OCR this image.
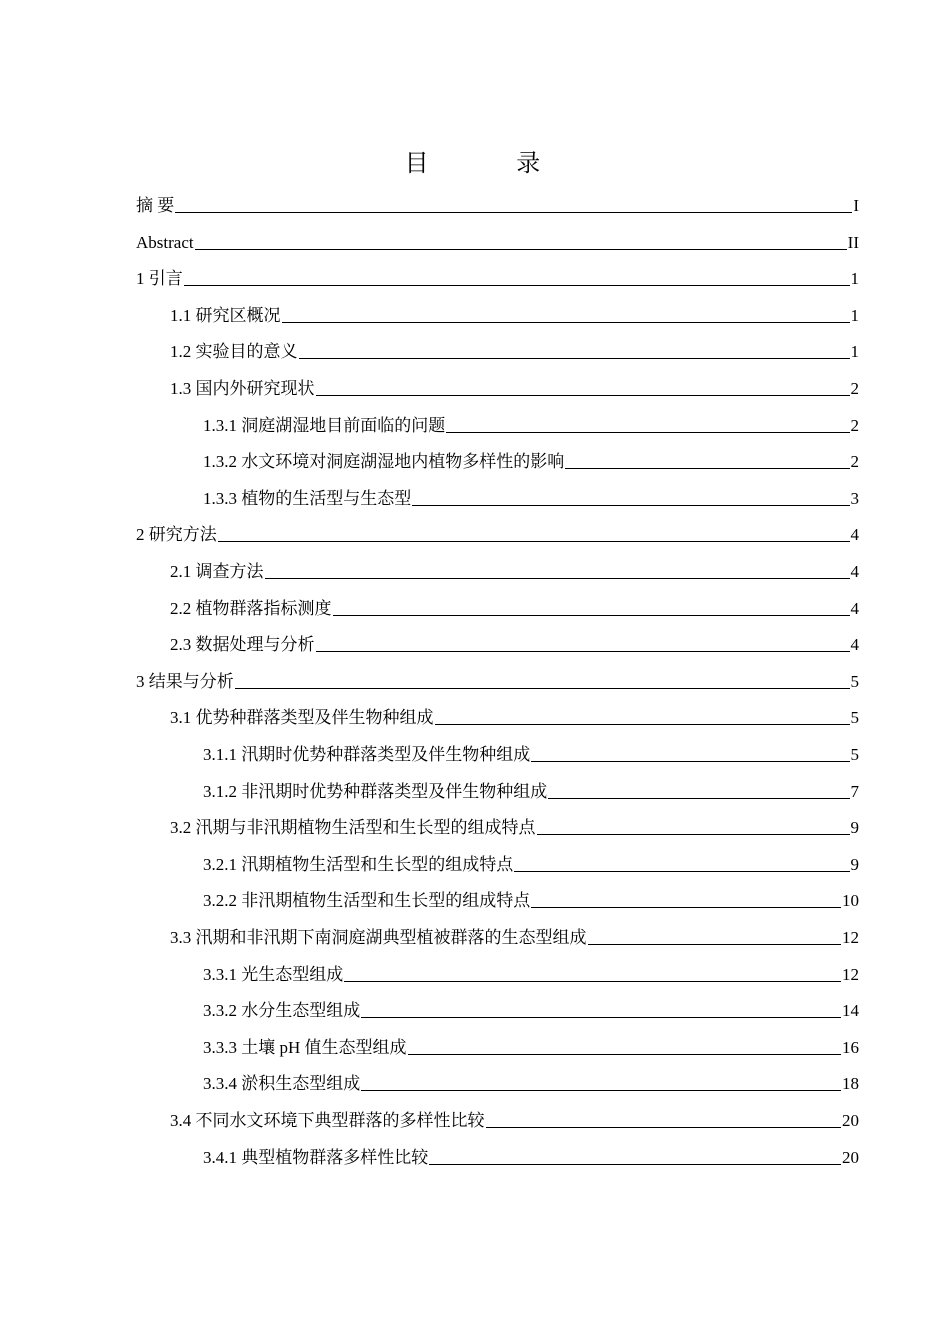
目 录
摘 要	I
Abstract	II
1 引言	1
1.1 研究区概况	1
1.2 实验目的意义	1
1.3 国内外研究现状	2
1.3.1 洞庭湖湿地目前面临的问题	2
1.3.2 水文环境对洞庭湖湿地内植物多样性的影响	2
1.3.3 植物的生活型与生态型	3
2 研究方法	4
2.1 调查方法	4
2.2 植物群落指标测度	4
2.3 数据处理与分析	4
3 结果与分析	5
3.1 优势种群落类型及伴生物种组成	5
3.1.1 汛期时优势种群落类型及伴生物种组成	5
3.1.2 非汛期时优势种群落类型及伴生物种组成	7
3.2 汛期与非汛期植物生活型和生长型的组成特点	9
3.2.1 汛期植物生活型和生长型的组成特点	9
3.2.2 非汛期植物生活型和生长型的组成特点	10
3.3 汛期和非汛期下南洞庭湖典型植被群落的生态型组成	12
3.3.1 光生态型组成	12
3.3.2 水分生态型组成	14
3.3.3 土壤 pH 值生态型组成	16
3.3.4 淤积生态型组成	18
3.4 不同水文环境下典型群落的多样性比较	20
3.4.1 典型植物群落多样性比较	20
